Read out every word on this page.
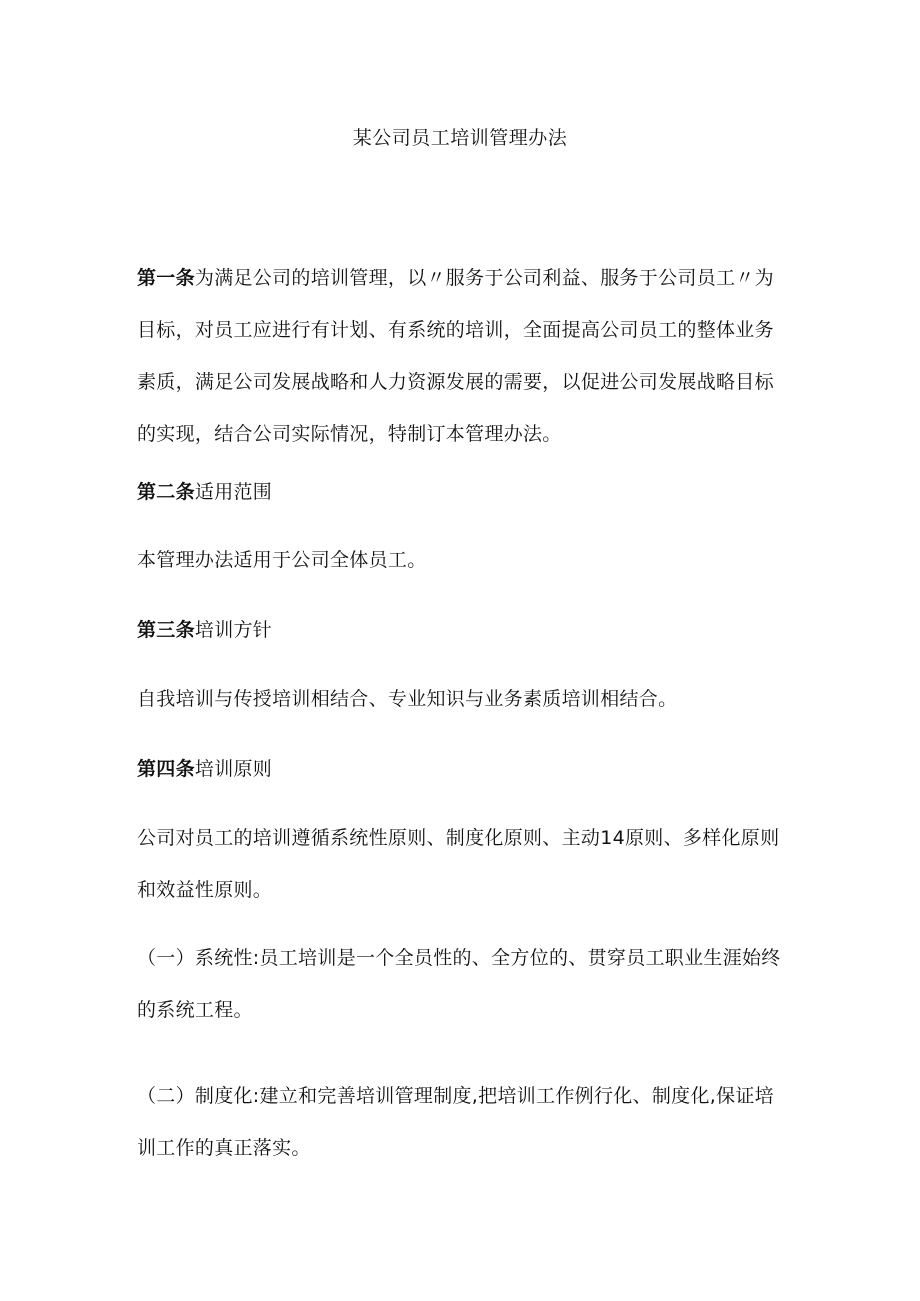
某公司员工培训管理办法
第一条为满足公司的培训管理，以〃服务于公司利益、服务于公司员工〃为目标，对员工应进行有计划、有系统的培训，全面提高公司员工的整体业务素质，满足公司发展战略和人力资源发展的需要，以促进公司发展战略目标的实现，结合公司实际情况，特制订本管理办法。
第二条适用范围
本管理办法适用于公司全体员工。
第三条培训方针
自我培训与传授培训相结合、专业知识与业务素质培训相结合。
第四条培训原则
公司对员工的培训遵循系统性原则、制度化原则、主动14原则、多样化原则和效益性原则。
（一）系统性:员工培训是一个全员性的、全方位的、贯穿员工职业生涯始终的系统工程。
（二）制度化:建立和完善培训管理制度,把培训工作例行化、制度化,保证培训工作的真正落实。
